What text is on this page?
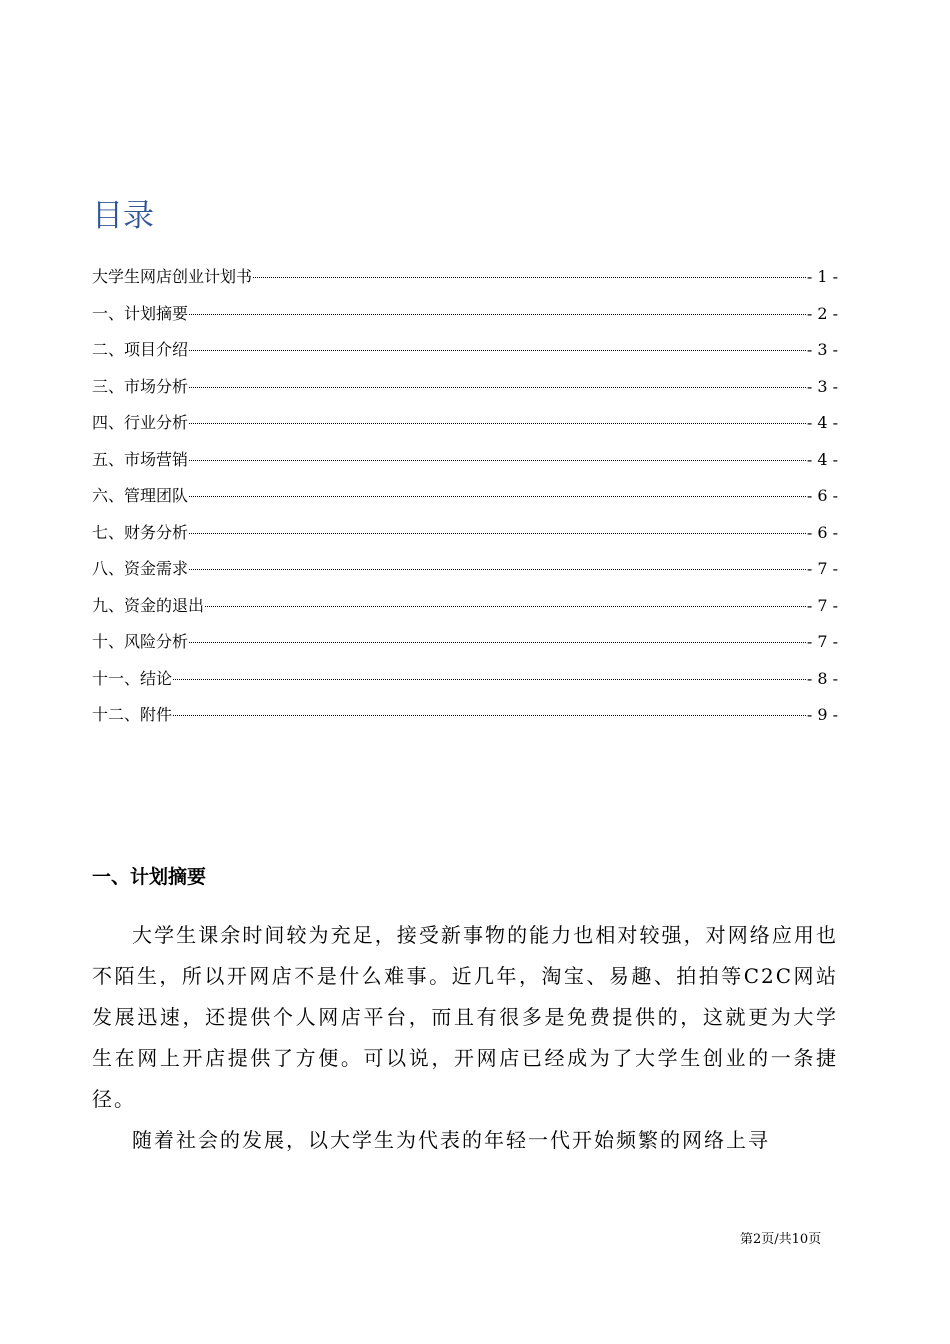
目录
大学生网店创业计划书	- 1 -
一、计划摘要	- 2 -
二、项目介绍	- 3 -
三、市场分析	- 3 -
四、行业分析	- 4 -
五、市场营销	- 4 -
六、管理团队	- 6 -
七、财务分析	- 6 -
八、资金需求	- 7 -
九、资金的退出	- 7 -
十、风险分析	- 7 -
十一、结论	- 8 -
十二、附件	- 9 -
一、计划摘要

大学生课余时间较为充足，接受新事物的能力也相对较强，对网络应用也不陌生，所以开网店不是什么难事。近几年，淘宝、易趣、拍拍等C2C网站发展迅速，还提供个人网店平台，而且有很多是免费提供的，这就更为大学生在网上开店提供了方便。可以说，开网店已经成为了大学生创业的一条捷径。

随着社会的发展，以大学生为代表的年轻一代开始频繁的网络上寻

第2页/共10页
